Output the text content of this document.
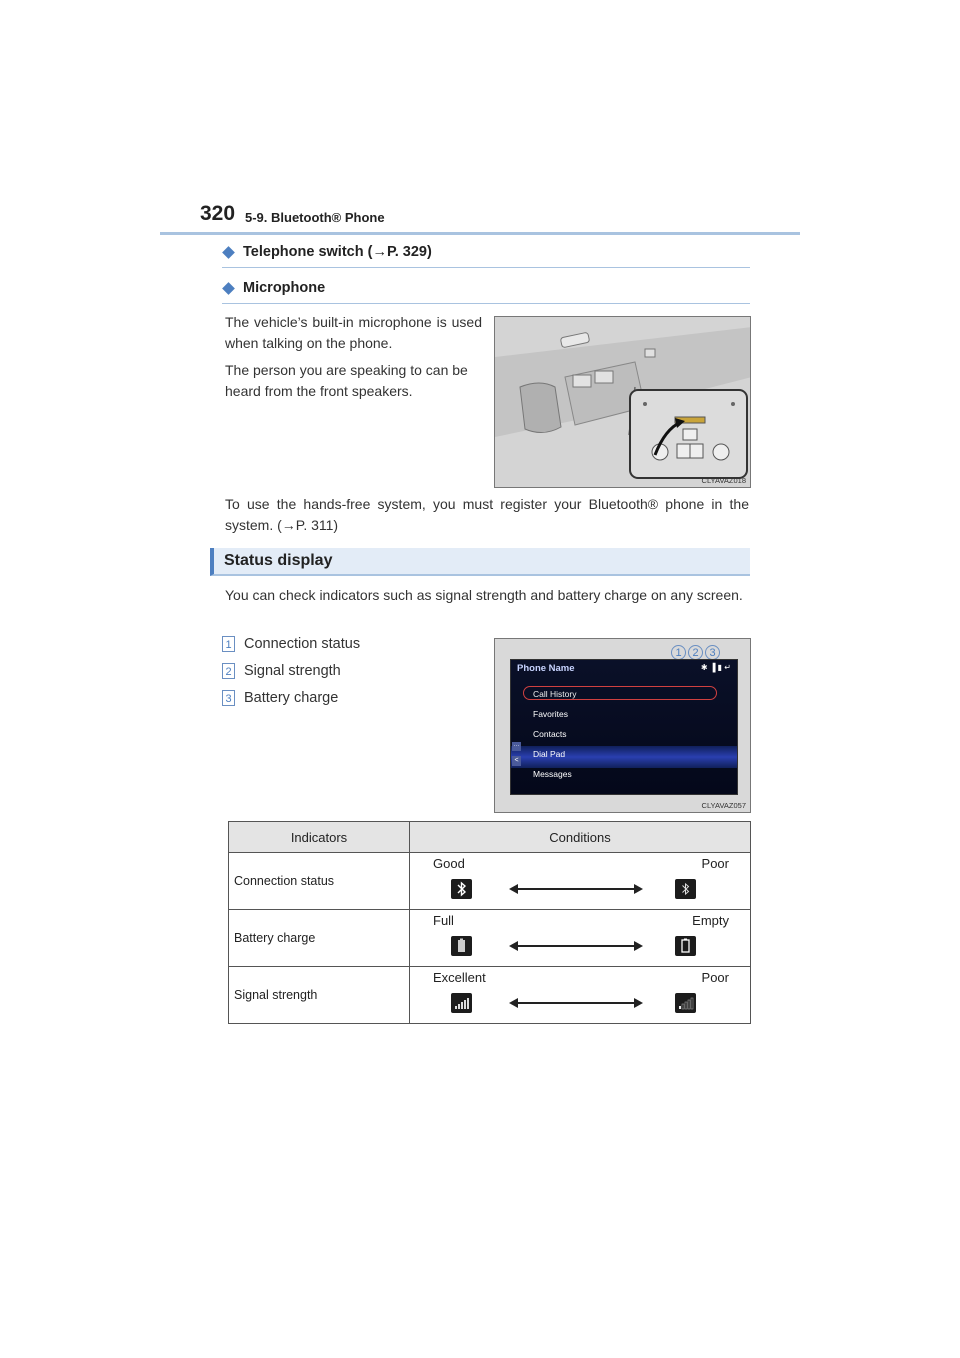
320 5-9. Bluetooth® Phone
Telephone switch (→P. 329)
Microphone
The vehicle’s built-in microphone is used when talking on the phone.
The person you are speaking to can be heard from the front speakers.
CLYAVAZ018
To use the hands-free system, you must register your Bluetooth® phone in the system. (→P. 311)
Status display
You can check indicators such as signal strength and battery charge on any screen.
1 Connection status
2 Signal strength
3 Battery charge
1 2 3
Phone Name	✱ ▐ ▮ ↵
···
<
Call History
Favorites
Contacts
Dial Pad
Messages
CLYAVAZ057
Indicators	Conditions
Connection status	Good Poor

Battery charge	Full Empty

Signal strength	Excellent Poor
